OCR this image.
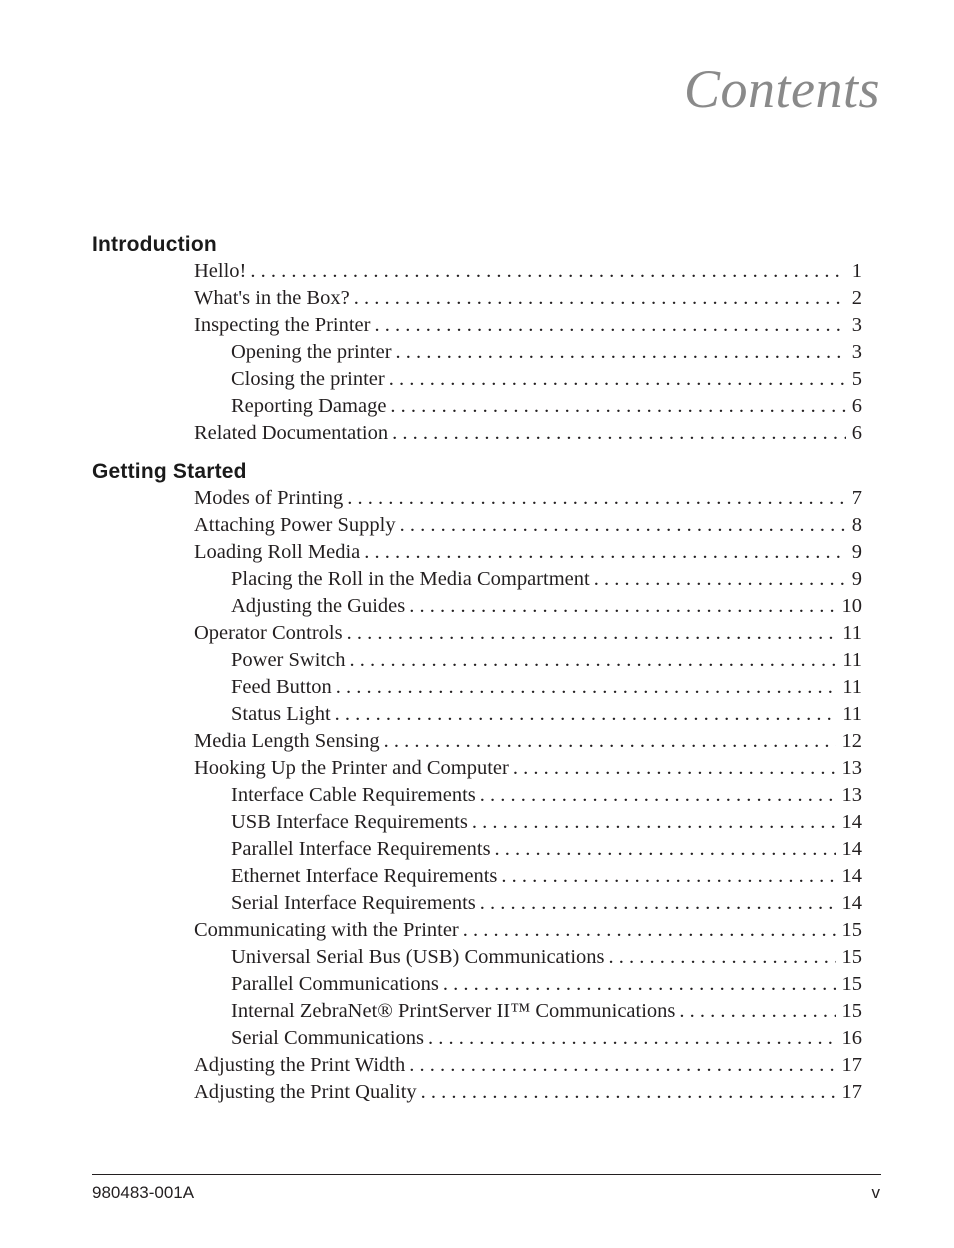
Contents
Introduction
Hello! . . .	1
What's in the Box? . . .	2
Inspecting the Printer . . .	3
Opening the printer . . .	3
Closing the printer . . .	5
Reporting Damage . . .	6
Related Documentation . . .	6
Getting Started
Modes of Printing . . .	7
Attaching Power Supply . . .	8
Loading Roll Media . . .	9
Placing the Roll in the Media Compartment . . .	9
Adjusting the Guides . . .	10
Operator Controls . . .	11
Power Switch . . .	11
Feed Button . . .	11
Status Light . . .	11
Media Length Sensing . . .	12
Hooking Up the Printer and Computer . . .	13
Interface Cable Requirements . . .	13
USB Interface Requirements . . .	14
Parallel Interface Requirements . . .	14
Ethernet Interface Requirements . . .	14
Serial Interface Requirements . . .	14
Communicating with the Printer . . .	15
Universal Serial Bus (USB) Communications . . .	15
Parallel Communications . . .	15
Internal ZebraNet® PrintServer II™ Communications . . .	15
Serial Communications . . .	16
Adjusting the Print Width . . .	17
Adjusting the Print Quality . . .	17
980483-001A	v
